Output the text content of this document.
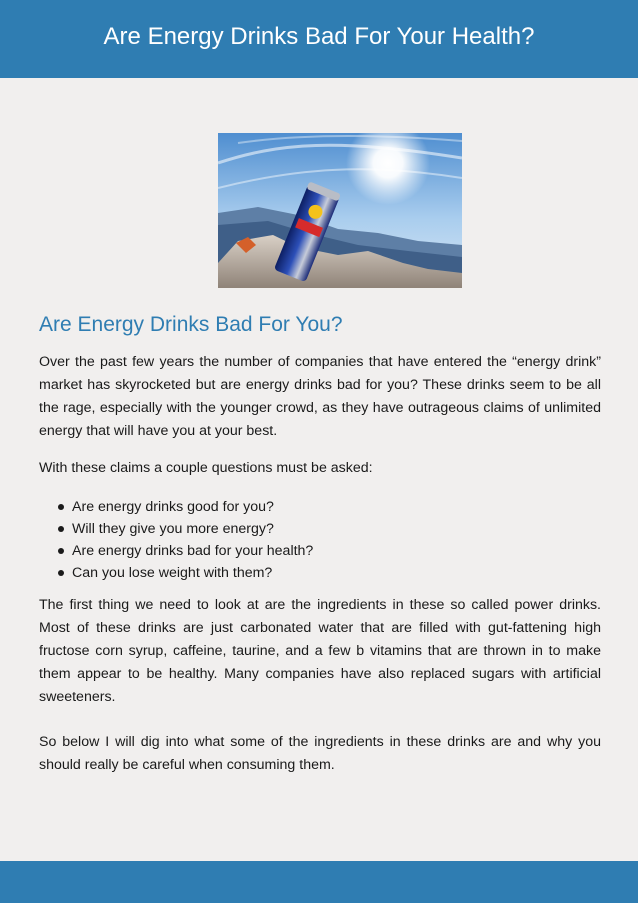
Are Energy Drinks Bad For Your Health?
Are Energy Drinks Bad For You?

Over the past few years the number of companies that have entered the “energy drink” market has skyrocketed but are energy drinks bad for you? These drinks seem to be all the rage, especially with the younger crowd, as they have outrageous claims of unlimited energy that will have you at your best.

With these claims a couple questions must be asked:

Are energy drinks good for you?
Will they give you more energy?
Are energy drinks bad for your health?
Can you lose weight with them?

The first thing we need to look at are the ingredients in these so called power drinks. Most of these drinks are just carbonated water that are filled with gut-fattening high fructose corn syrup, caffeine, taurine, and a few b vitamins that are thrown in to make them appear to be healthy. Many companies have also replaced sugars with artificial sweeteners.

So below I will dig into what some of the ingredients in these drinks are and why you should really be careful when consuming them.
